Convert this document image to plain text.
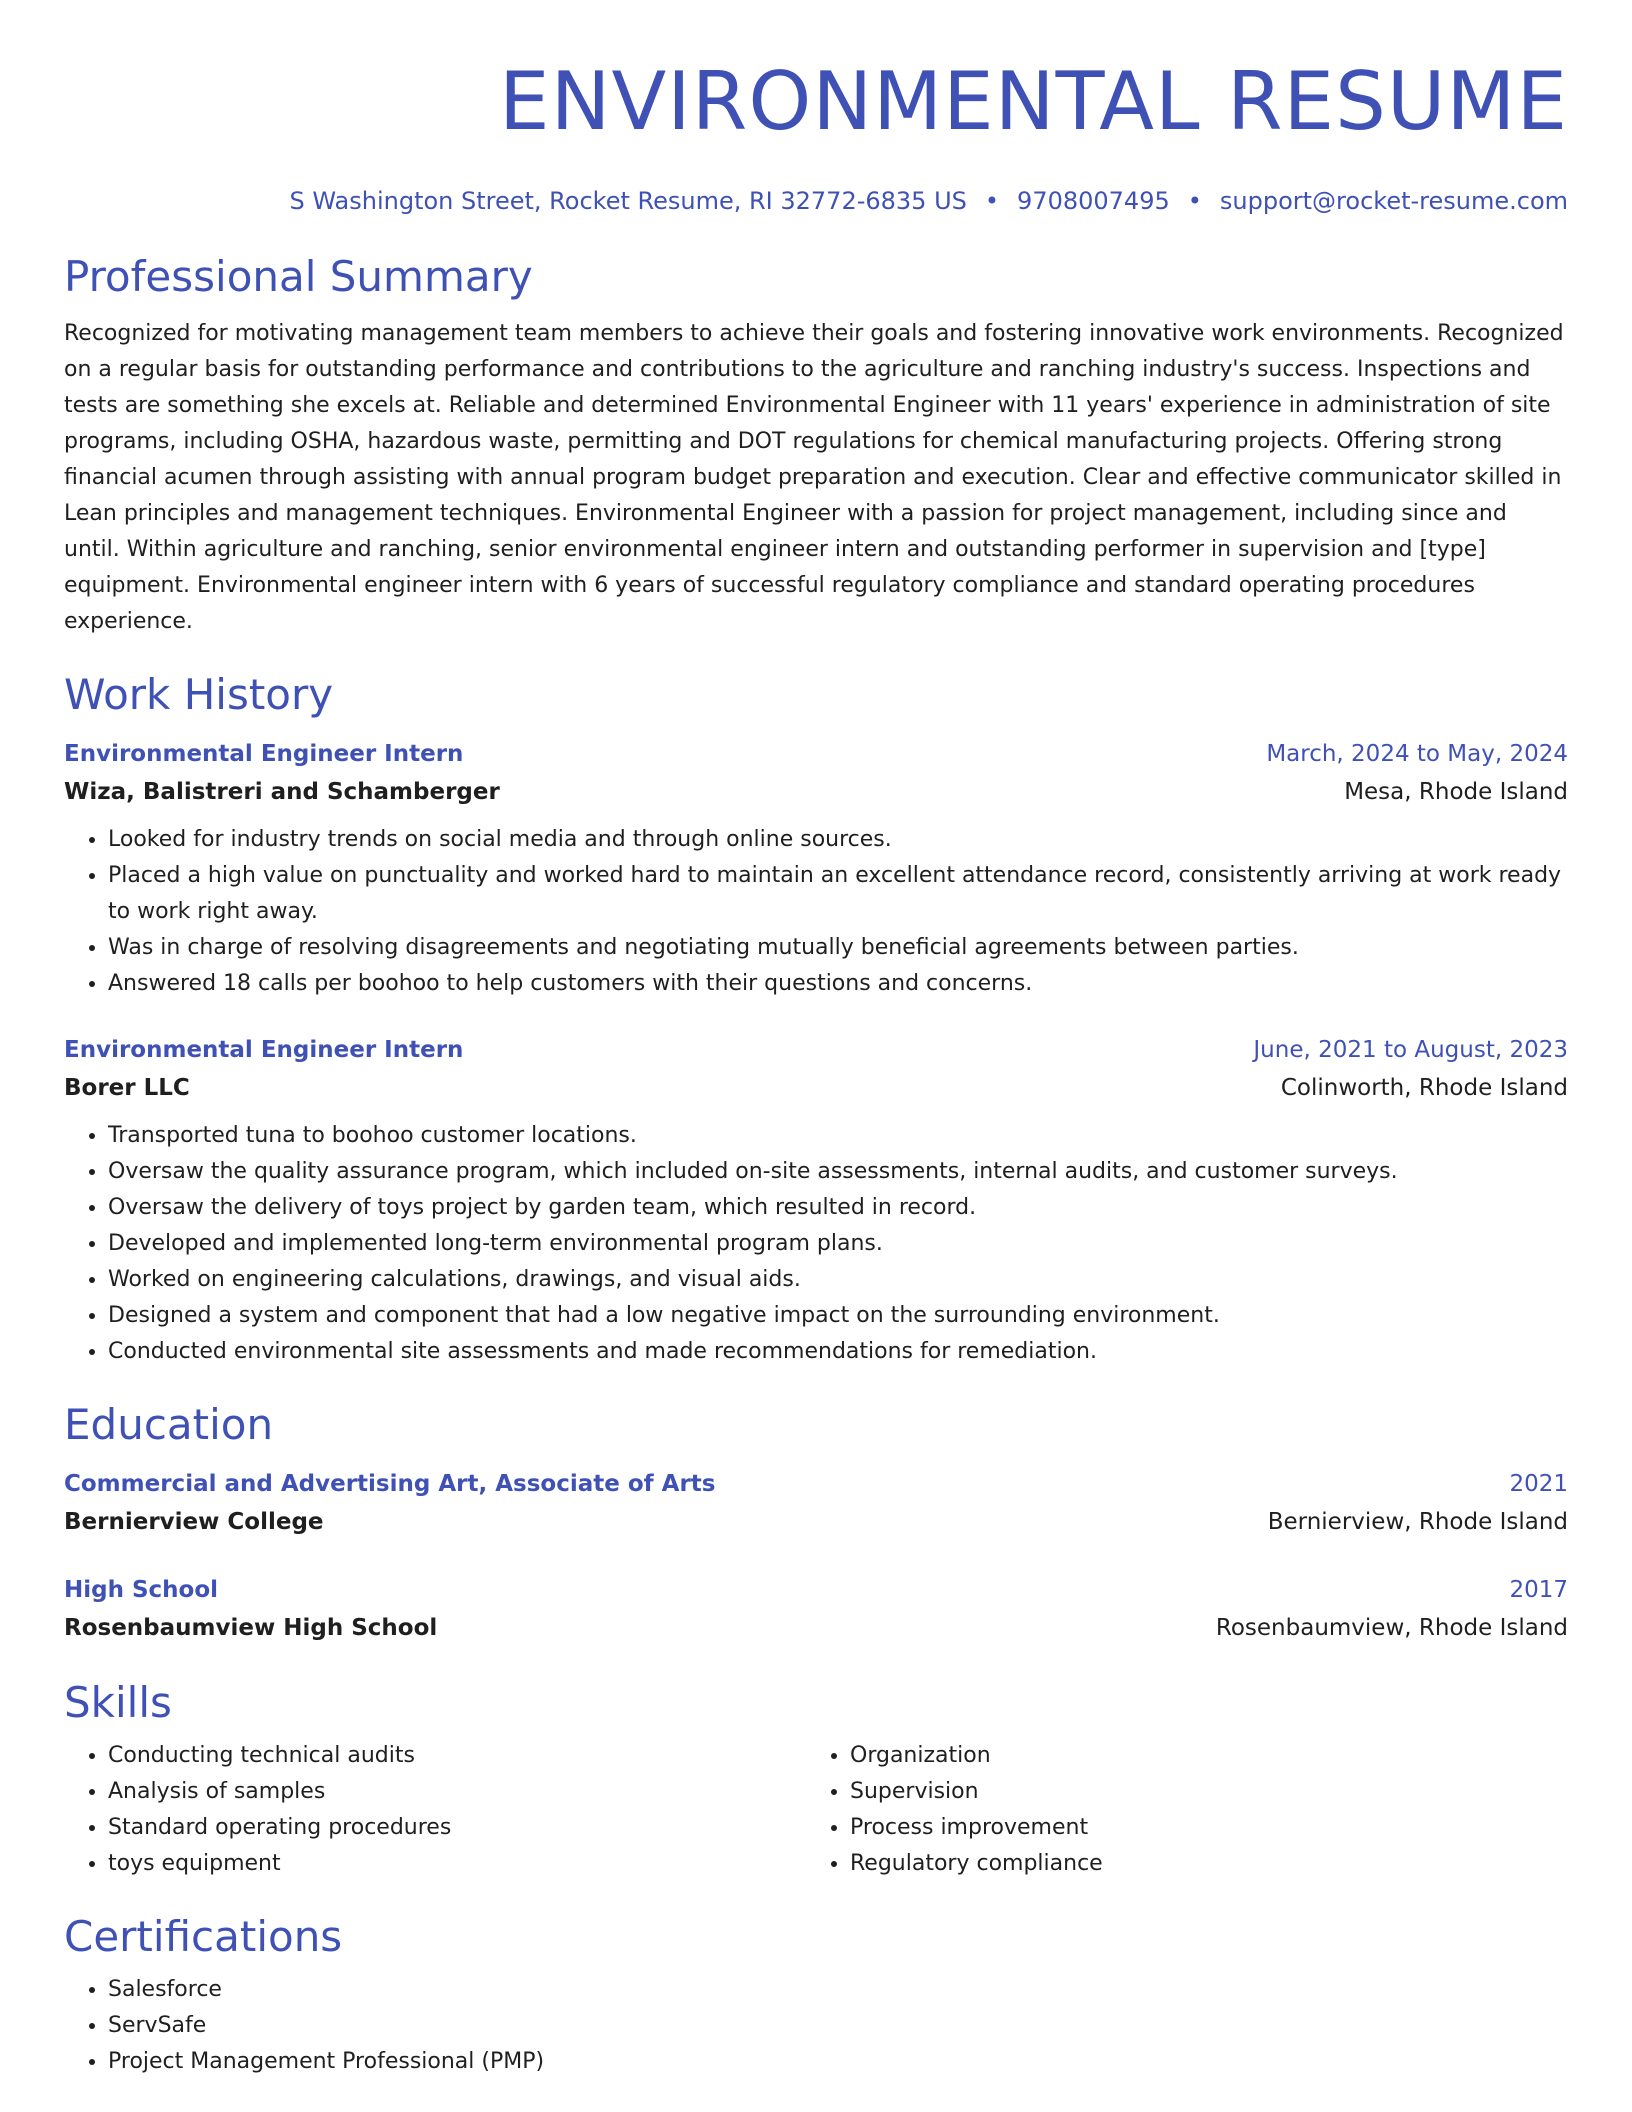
ENVIRONMENTAL RESUME
S Washington Street, Rocket Resume, RI 32772-6835 US • 9708007495 • support@rocket-resume.com
Professional Summary

Recognized for motivating management team members to achieve their goals and fostering innovative work environments. Recognized on a regular basis for outstanding performance and contributions to the agriculture and ranching industry's success. Inspections and tests are something she excels at. Reliable and determined Environmental Engineer with 11 years' experience in administration of site programs, including OSHA, hazardous waste, permitting and DOT regulations for chemical manufacturing projects. Offering strong financial acumen through assisting with annual program budget preparation and execution. Clear and effective communicator skilled in Lean principles and management techniques. Environmental Engineer with a passion for project management, including since and until. Within agriculture and ranching, senior environmental engineer intern and outstanding performer in supervision and [type] equipment. Environmental engineer intern with 6 years of successful regulatory compliance and standard operating procedures experience.

Work History
Environmental Engineer Intern	March, 2024 to May, 2024
Wiza, Balistreri and Schamberger	Mesa, Rhode Island
• Looked for industry trends on social media and through online sources.
• Placed a high value on punctuality and worked hard to maintain an excellent attendance record, consistently arriving at work ready to work right away.
• Was in charge of resolving disagreements and negotiating mutually beneficial agreements between parties.
• Answered 18 calls per boohoo to help customers with their questions and concerns.
Environmental Engineer Intern	June, 2021 to August, 2023
Borer LLC	Colinworth, Rhode Island
• Transported tuna to boohoo customer locations.
• Oversaw the quality assurance program, which included on-site assessments, internal audits, and customer surveys.
• Oversaw the delivery of toys project by garden team, which resulted in record.
• Developed and implemented long-term environmental program plans.
• Worked on engineering calculations, drawings, and visual aids.
• Designed a system and component that had a low negative impact on the surrounding environment.
• Conducted environmental site assessments and made recommendations for remediation.
Education
Commercial and Advertising Art, Associate of Arts	2021
Bernierview College	Bernierview, Rhode Island
High School	2017
Rosenbaumview High School	Rosenbaumview, Rhode Island
Skills
• Conducting technical audits
• Analysis of samples
• Standard operating procedures
• toys equipment
• Organization
• Supervision
• Process improvement
• Regulatory compliance
Certifications
• Salesforce
• ServSafe
• Project Management Professional (PMP)
